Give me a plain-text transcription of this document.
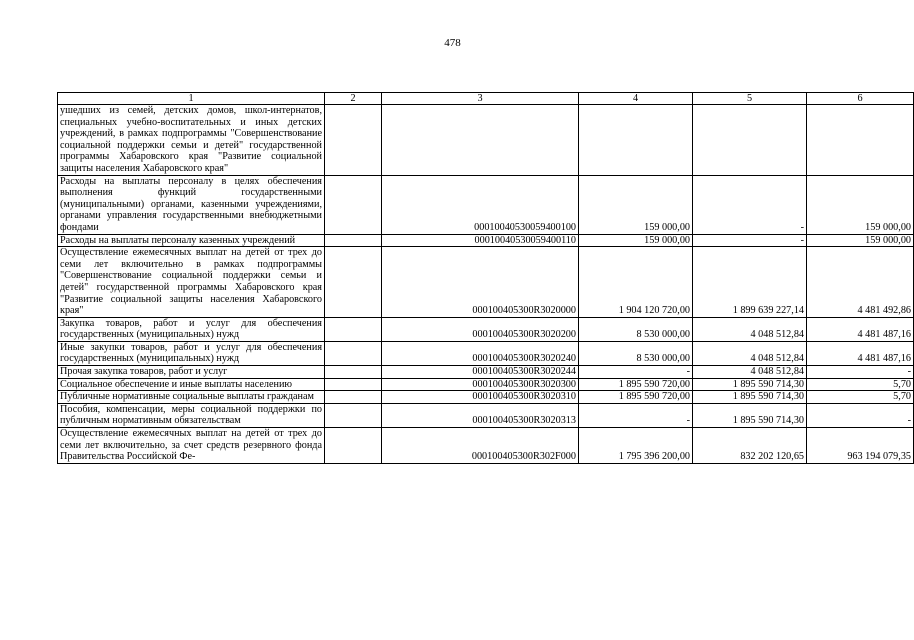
478
1	2	3	4	5	6
ушедших из семей, детских домов, школ-интернатов, специальных учебно-воспитательных и иных детских учреждений, в рамках подпрограммы "Совершенствование социальной поддержки семьи и детей" государственной программы Хабаровского края "Развитие социальной защиты населения Хабаровского края"					
Расходы на выплаты персоналу в целях обеспечения выполнения функций государственными (муниципальными) органами, казенными учреждениями, органами управления государственными внебюджетными фондами		00010040530059400100	159 000,00	-	159 000,00
Расходы на выплаты персоналу казенных учреждений		00010040530059400110	159 000,00	-	159 000,00
Осуществление ежемесячных выплат на детей от трех до семи лет включительно в рамках подпрограммы "Совершенствование социальной поддержки семьи и детей" государственной программы Хабаровского края "Развитие социальной защиты населения Хабаровского края"		000100405300R3020000	1 904 120 720,00	1 899 639 227,14	4 481 492,86
Закупка товаров, работ и услуг для обеспечения государственных (муниципальных) нужд		000100405300R3020200	8 530 000,00	4 048 512,84	4 481 487,16
Иные закупки товаров, работ и услуг для обеспечения государственных (муниципальных) нужд		000100405300R3020240	8 530 000,00	4 048 512,84	4 481 487,16
Прочая закупка товаров, работ и услуг		000100405300R3020244	-	4 048 512,84	-
Социальное обеспечение и иные выплаты населению		000100405300R3020300	1 895 590 720,00	1 895 590 714,30	5,70
Публичные нормативные социальные выплаты гражданам		000100405300R3020310	1 895 590 720,00	1 895 590 714,30	5,70
Пособия, компенсации, меры социальной поддержки по публичным нормативным обязательствам		000100405300R3020313	-	1 895 590 714,30	-
Осуществление ежемесячных выплат на детей от трех до семи лет включительно, за счет средств резервного фонда Правительства Российской Фе-		000100405300R302F000	1 795 396 200,00	832 202 120,65	963 194 079,35
